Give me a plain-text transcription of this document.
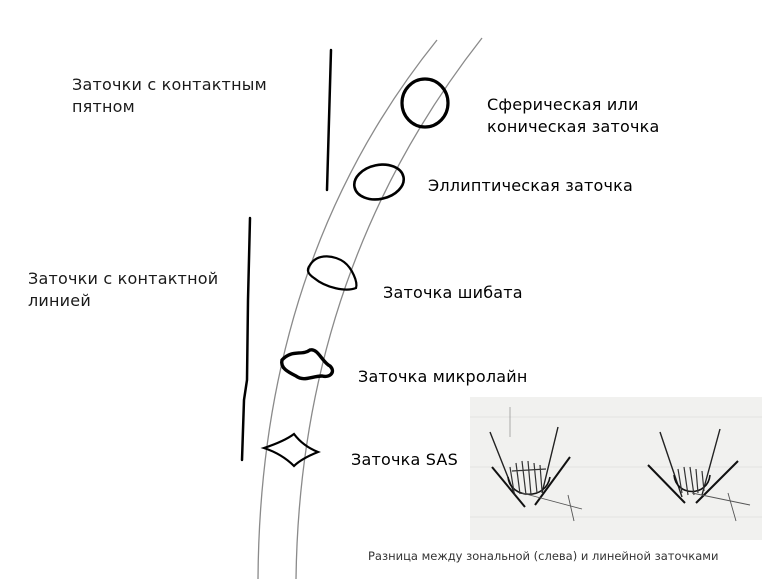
Заточки с контактным пятном
Заточки с контактной линией
Сферическая или коническая заточка
Эллиптическая заточка
Заточка шибата
Заточка микролайн
Заточка SAS
Разница между зональной (слева) и линейной заточками
